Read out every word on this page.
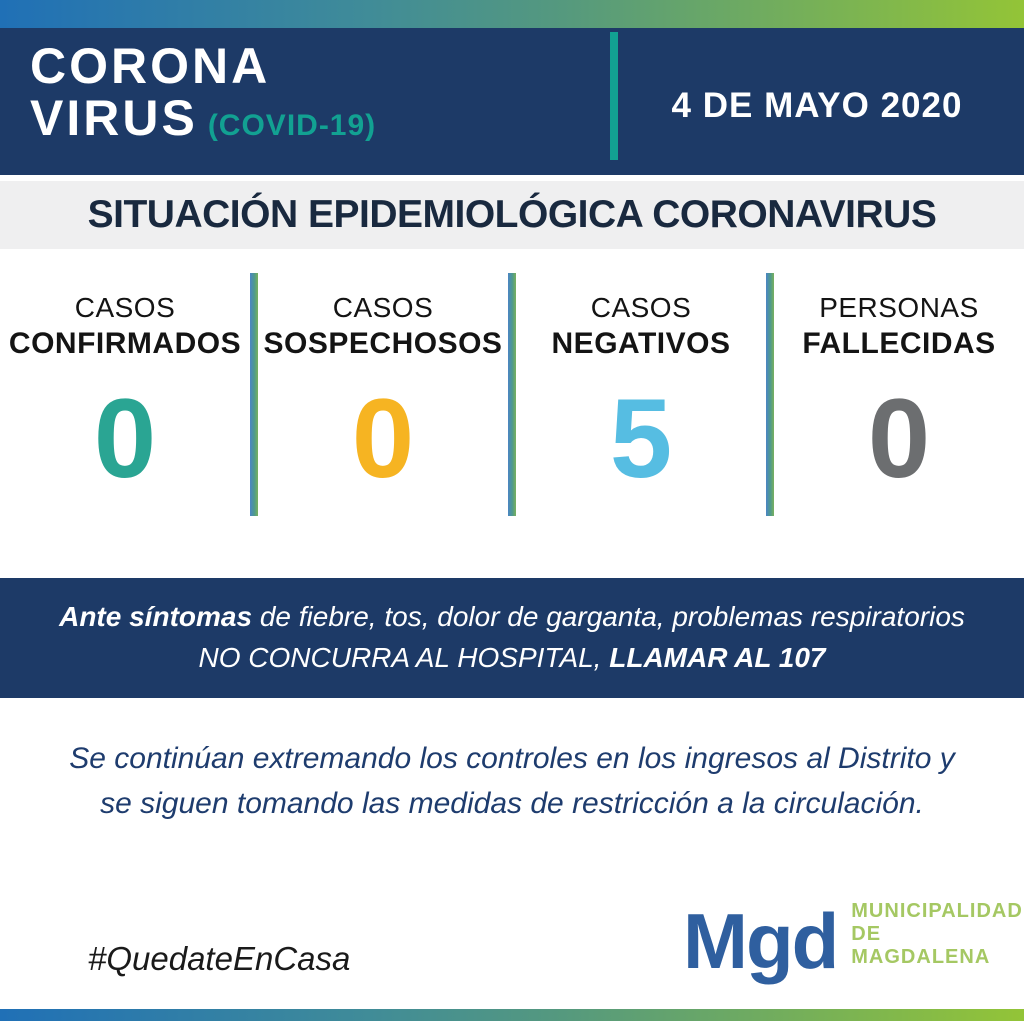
CORONA
VIRUS (COVID-19)
4 DE MAYO 2020
SITUACIÓN EPIDEMIOLÓGICA CORONAVIRUS
CASOS
CONFIRMADOS
0
CASOS
SOSPECHOSOS
0
CASOS
NEGATIVOS
5
PERSONAS
FALLECIDAS
0
Ante síntomas de fiebre, tos, dolor de garganta, problemas respiratorios
NO CONCURRA AL HOSPITAL, LLAMAR AL 107
Se continúan extremando los controles en los ingresos al Distrito y
se siguen tomando las medidas de restricción a la circulación.
#QuedateEnCasa	Mgd MUNICIPALIDAD
DE MAGDALENA
